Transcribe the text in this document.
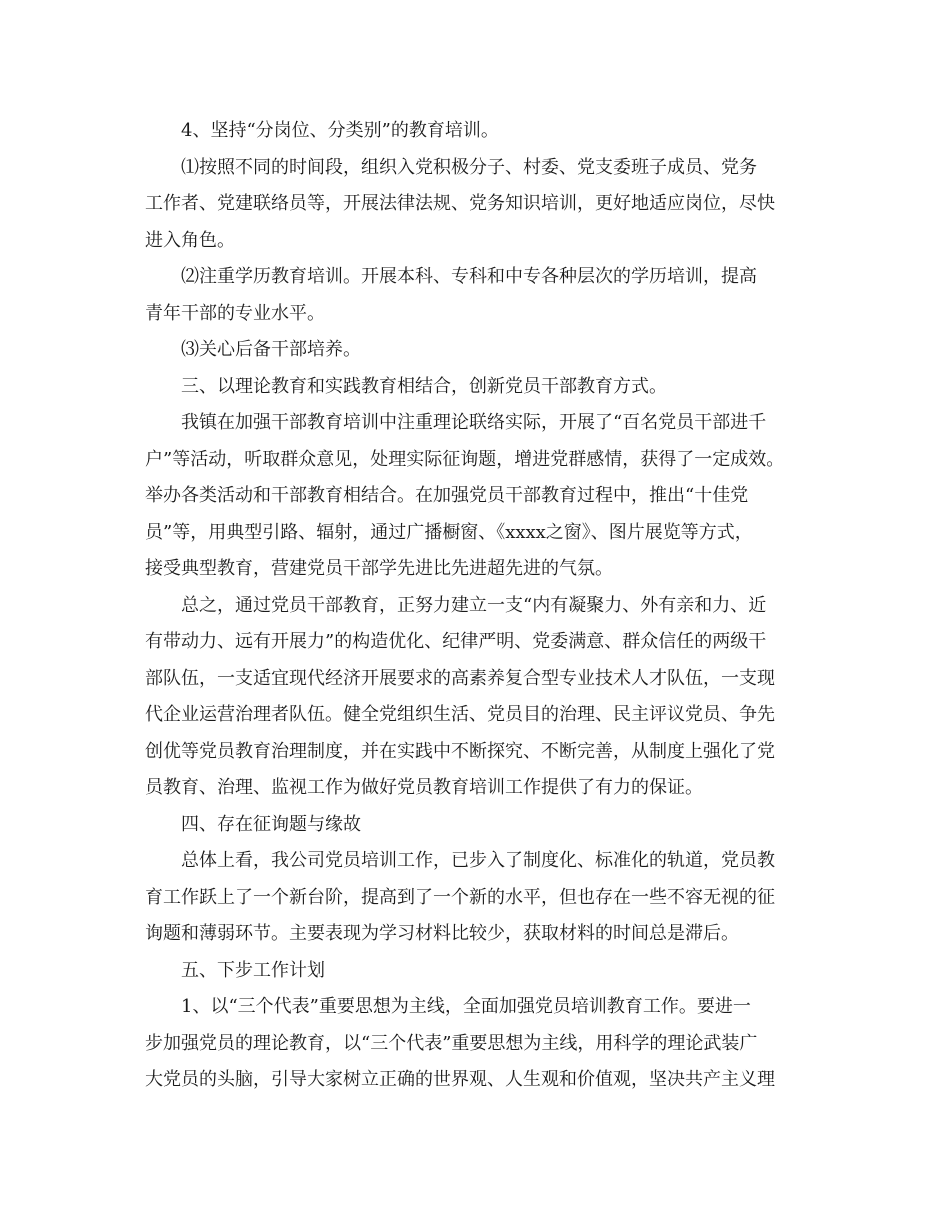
4、坚持“分岗位、分类别”的教育培训。
⑴按照不同的时间段，组织入党积极分子、村委、党支委班子成员、党务
工作者、党建联络员等，开展法律法规、党务知识培训，更好地适应岗位，尽快
进入角色。
⑵注重学历教育培训。开展本科、专科和中专各种层次的学历培训，提高
青年干部的专业水平。
⑶关心后备干部培养。
三、以理论教育和实践教育相结合，创新党员干部教育方式。
我镇在加强干部教育培训中注重理论联络实际，开展了“百名党员干部进千
户”等活动，听取群众意见，处理实际征询题，增进党群感情，获得了一定成效。
举办各类活动和干部教育相结合。在加强党员干部教育过程中，推出“十佳党
员”等，用典型引路、辐射，通过广播橱窗、《xxxx之窗》、图片展览等方式，
接受典型教育，营建党员干部学先进比先进超先进的气氛。
总之，通过党员干部教育，正努力建立一支“内有凝聚力、外有亲和力、近
有带动力、远有开展力”的构造优化、纪律严明、党委满意、群众信任的两级干
部队伍，一支适宜现代经济开展要求的高素养复合型专业技术人才队伍，一支现
代企业运营治理者队伍。健全党组织生活、党员目的治理、民主评议党员、争先
创优等党员教育治理制度，并在实践中不断探究、不断完善，从制度上强化了党
员教育、治理、监视工作为做好党员教育培训工作提供了有力的保证。
四、存在征询题与缘故
总体上看，我公司党员培训工作，已步入了制度化、标准化的轨道，党员教
育工作跃上了一个新台阶，提高到了一个新的水平，但也存在一些不容无视的征
询题和薄弱环节。主要表现为学习材料比较少，获取材料的时间总是滞后。
五、下步工作计划
1、以“三个代表”重要思想为主线，全面加强党员培训教育工作。要进一
步加强党员的理论教育，以“三个代表”重要思想为主线，用科学的理论武装广
大党员的头脑，引导大家树立正确的世界观、人生观和价值观，坚决共产主义理
